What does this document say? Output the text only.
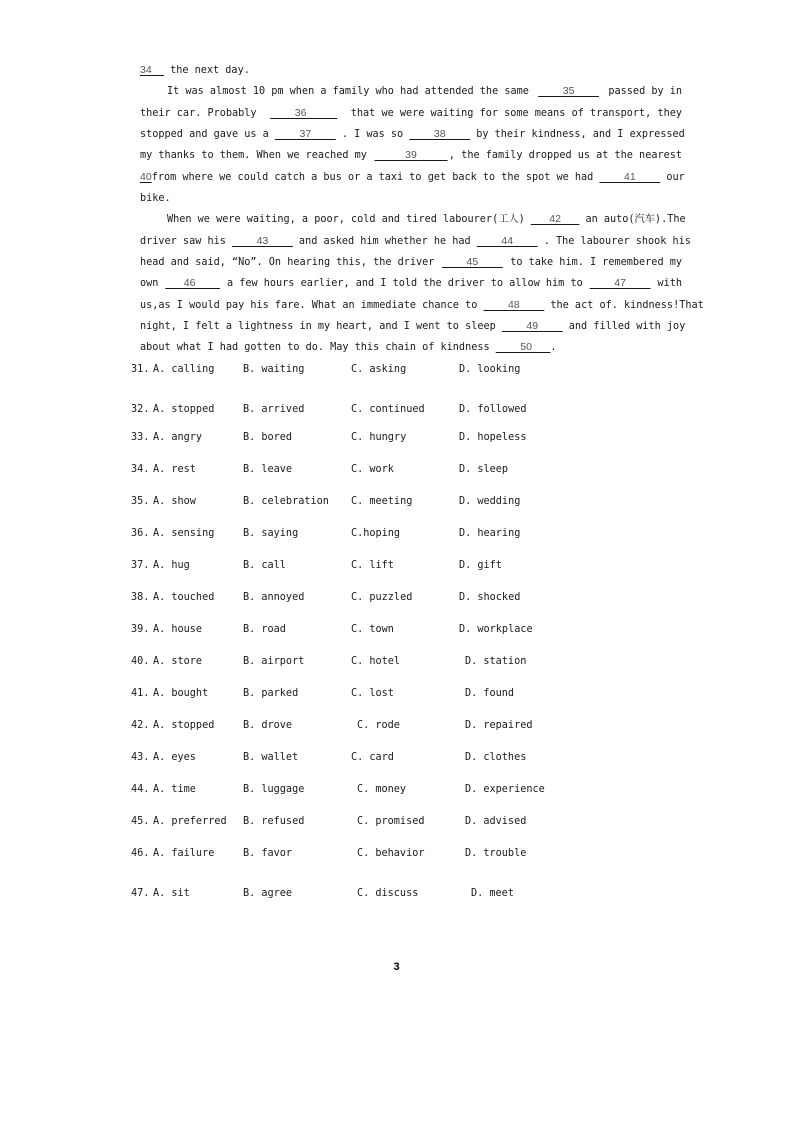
34__ the next day.
It was almost 10 pm when a family who had attended the same ____35____ passed by in
their car. Probably ____36_____ that we were waiting for some means of transport, they
stopped and gave us a ____37____ . I was so ____38____ by their kindness, and I expressed
my thanks to them. When we reached my _____39_____ , the family dropped us at the nearest
40 from where we could catch a bus or a taxi to get back to the spot we had ____41____ our
bike.
When we were waiting, a poor, cold and tired labourer(工人) ___42___ an auto(汽车).The
driver saw his ____43____ and asked him whether he had ____44____ . The labourer shook his
head and said, “No”. On hearing this, the driver ____45____ to take him. I remembered my
own ___46____ a few hours earlier, and I told the driver to allow him to ____47____ with
us,as I would pay his fare. What an immediate chance to ____48____ the act of. kindness!That
night, I felt a lightness in my heart, and I went to sleep ____49____ and filled with joy
about what I had gotten to do. May this chain of kindness ____50___ .
31. A. calling	B. waiting	C. asking	D. looking
32. A. stopped	B. arrived	C. continued	D. followed
33. A. angry	B. bored	C. hungry	D. hopeless
34. A. rest	B. leave	C. work	D. sleep
35. A. show	B. celebration C. meeting	D. wedding
36. A. sensing	B. saying	C.hoping	D. hearing
37. A. hug	B. call	C. lift	D. gift
38. A. touched	B. annoyed	C. puzzled	D. shocked
39. A. house	B. road	C. town	D. workplace
40. A. store	B. airport	C. hotel	D. station
41. A. bought	B. parked	C. lost	D. found
42. A. stopped	B. drove	C. rode	D. repaired
43. A. eyes	B. wallet	C. card	D. clothes
44. A. time	B. luggage	C. money	D. experience
45. A. preferred B. refused	C. promised	D. advised
46. A. failure	B. favor	C. behavior	D. trouble
47. A. sit	B. agree	C. discuss	D. meet
3
